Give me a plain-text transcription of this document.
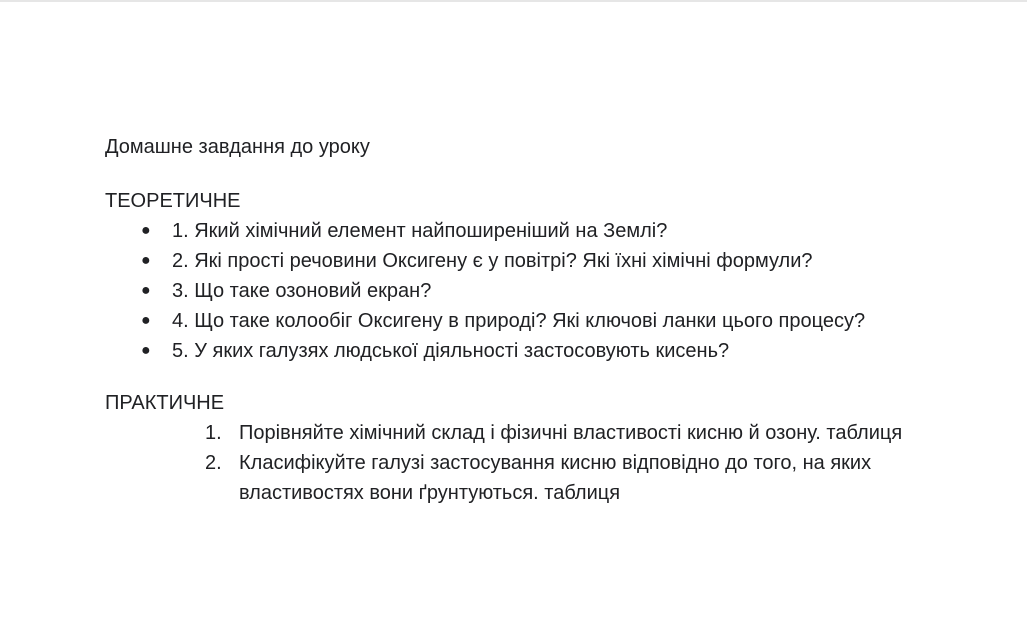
Домашне завдання до уроку

ТЕОРЕТИЧНЕ

● 1. Який хімічний елемент найпоширеніший на Землі?
● 2. Які прості речовини Оксигену є у повітрі? Які їхні хімічні формули?
● 3. Що таке озоновий екран?
● 4. Що таке колообіг Оксигену в природі? Які ключові ланки цього процесу?
● 5. У яких галузях людської діяльності застосовують кисень?

ПРАКТИЧНЕ

1. Порівняйте хімічний склад і фізичні властивості кисню й озону. таблиця
2. Класифікуйте галузі застосування кисню відповідно до того, на яких властивостях вони ґрунтуються. таблиця
